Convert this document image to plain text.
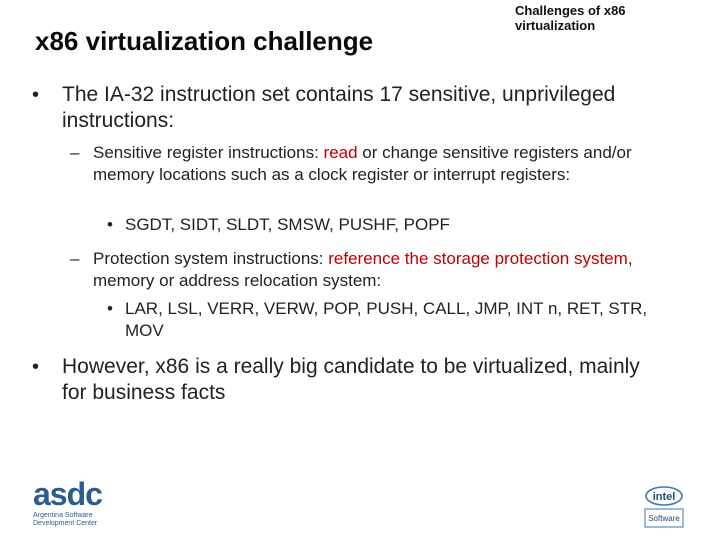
x86 virtualization challenge
Challenges of x86 virtualization
• The IA-32 instruction set contains 17 sensitive, unprivileged instructions:
– Sensitive register instructions: read or change sensitive registers and/or memory locations such as a clock register or interrupt registers:
• SGDT, SIDT, SLDT, SMSW, PUSHF, POPF
– Protection system instructions: reference the storage protection system, memory or address relocation system:
• LAR, LSL, VERR, VERW, POP, PUSH, CALL, JMP, INT n, RET, STR, MOV
• However, x86 is a really big candidate to be virtualized, mainly for business facts
asdc
Argentina Software
Development Center
intel
Software
